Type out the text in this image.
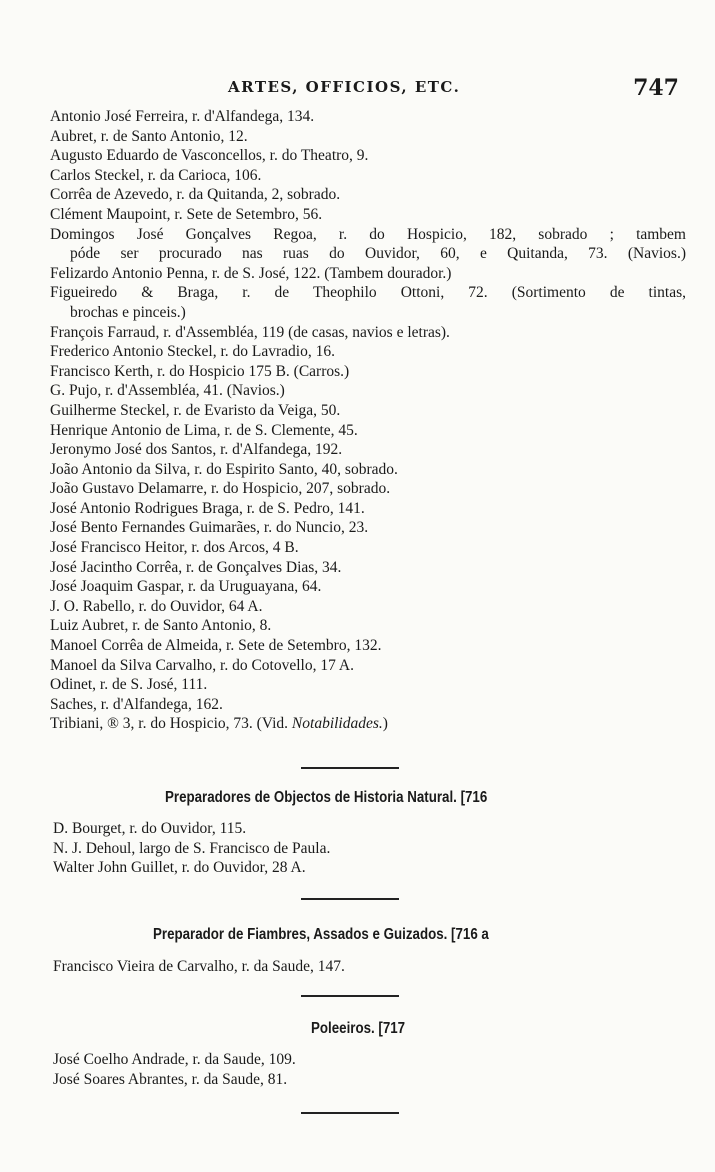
ARTES, OFFICIOS, ETC.	747
Antonio José Ferreira, r. d'Alfandega, 134.
Aubret, r. de Santo Antonio, 12.
Augusto Eduardo de Vasconcellos, r. do Theatro, 9.
Carlos Steckel, r. da Carioca, 106.
Corrêa de Azevedo, r. da Quitanda, 2, sobrado.
Clément Maupoint, r. Sete de Setembro, 56.
Domingos José Gonçalves Regoa, r. do Hospicio, 182, sobrado ; tambem
póde ser procurado nas ruas do Ouvidor, 60, e Quitanda, 73. (Navios.)
Felizardo Antonio Penna, r. de S. José, 122. (Tambem dourador.)
Figueiredo & Braga, r. de Theophilo Ottoni, 72. (Sortimento de tintas,
brochas e pinceis.)
François Farraud, r. d'Assembléa, 119 (de casas, navios e letras).
Frederico Antonio Steckel, r. do Lavradio, 16.
Francisco Kerth, r. do Hospicio 175 B. (Carros.)
G. Pujo, r. d'Assembléa, 41. (Navios.)
Guilherme Steckel, r. de Evaristo da Veiga, 50.
Henrique Antonio de Lima, r. de S. Clemente, 45.
Jeronymo José dos Santos, r. d'Alfandega, 192.
João Antonio da Silva, r. do Espirito Santo, 40, sobrado.
João Gustavo Delamarre, r. do Hospicio, 207, sobrado.
José Antonio Rodrigues Braga, r. de S. Pedro, 141.
José Bento Fernandes Guimarães, r. do Nuncio, 23.
José Francisco Heitor, r. dos Arcos, 4 B.
José Jacintho Corrêa, r. de Gonçalves Dias, 34.
José Joaquim Gaspar, r. da Uruguayana, 64.
J. O. Rabello, r. do Ouvidor, 64 A.
Luiz Aubret, r. de Santo Antonio, 8.
Manoel Corrêa de Almeida, r. Sete de Setembro, 132.
Manoel da Silva Carvalho, r. do Cotovello, 17 A.
Odinet, r. de S. José, 111.
Saches, r. d'Alfandega, 162.
Tribiani, ® 3, r. do Hospicio, 73. (Vid. Notabilidades.)
Preparadores de Objectos de Historia Natural. [716
D. Bourget, r. do Ouvidor, 115.
N. J. Dehoul, largo de S. Francisco de Paula.
Walter John Guillet, r. do Ouvidor, 28 A.
Preparador de Fiambres, Assados e Guizados. [716 a
Francisco Vieira de Carvalho, r. da Saude, 147.
Poleeiros. [717
José Coelho Andrade, r. da Saude, 109.
José Soares Abrantes, r. da Saude, 81.
